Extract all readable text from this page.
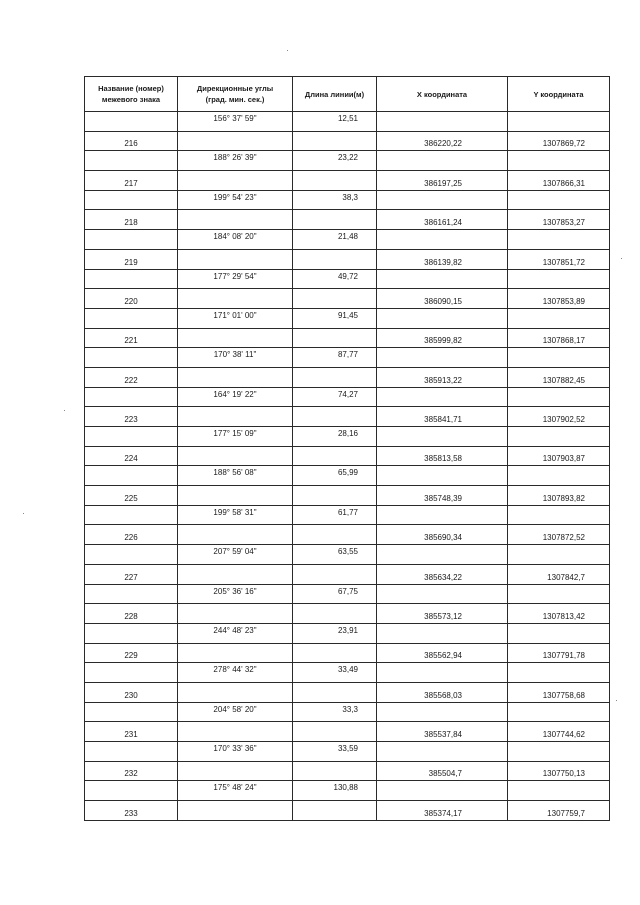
Название (номер)
межевого знака	Дирекционные углы
(град. мин. сек.)	Длина линии(м)	X координата	Y координата
	156° 37' 59"	12,51		
216			386220,22	1307869,72
	188° 26' 39"	23,22		
217			386197,25	1307866,31
	199° 54' 23"	38,3		
218			386161,24	1307853,27
	184° 08' 20"	21,48		
219			386139,82	1307851,72
	177° 29' 54"	49,72		
220			386090,15	1307853,89
	171° 01' 00"	91,45		
221			385999,82	1307868,17
	170° 38' 11"	87,77		
222			385913,22	1307882,45
	164° 19' 22"	74,27		
223			385841,71	1307902,52
	177° 15' 09"	28,16		
224			385813,58	1307903,87
	188° 56' 08"	65,99		
225			385748,39	1307893,82
	199° 58' 31"	61,77		
226			385690,34	1307872,52
	207° 59' 04"	63,55		
227			385634,22	1307842,7
	205° 36' 16"	67,75		
228			385573,12	1307813,42
	244° 48' 23"	23,91		
229			385562,94	1307791,78
	278° 44' 32"	33,49		
230			385568,03	1307758,68
	204° 58' 20"	33,3		
231			385537,84	1307744,62
	170° 33' 36"	33,59		
232			385504,7	1307750,13
	175° 48' 24"	130,88		
233			385374,17	1307759,7
